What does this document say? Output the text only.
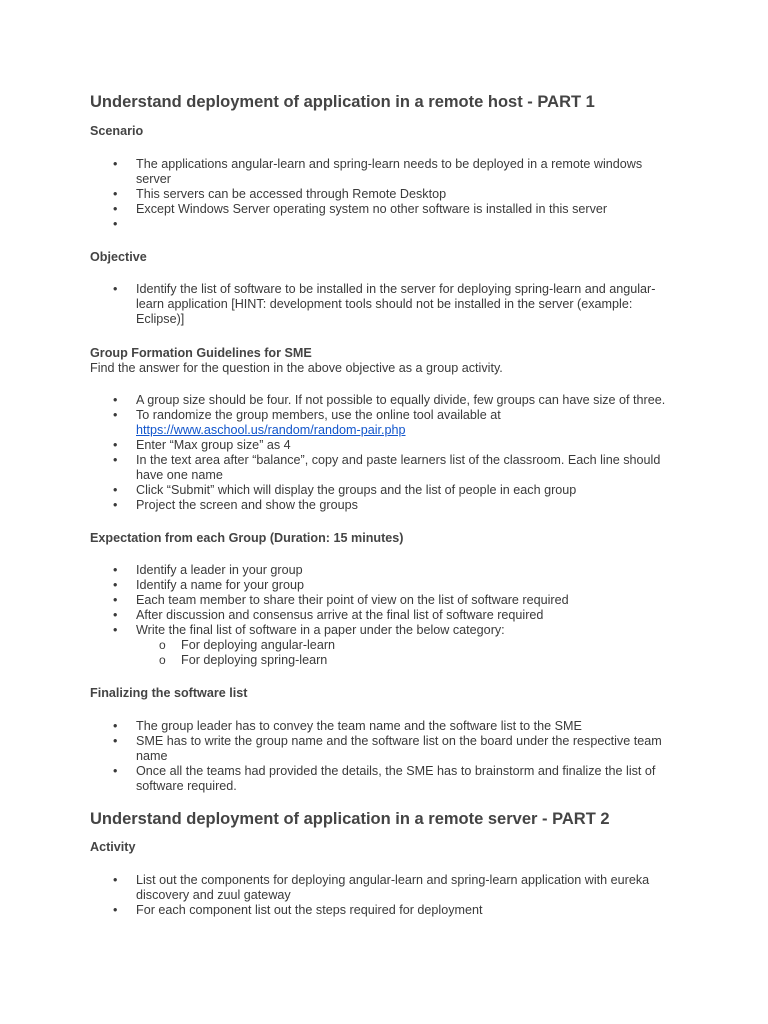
Understand deployment of application in a remote host - PART 1
Scenario
• The applications angular-learn and spring-learn needs to be deployed in a remote windows server
• This servers can be accessed through Remote Desktop
• Except Windows Server operating system no other software is installed in this server
•
Objective
• Identify the list of software to be installed in the server for deploying spring-learn and angular-learn application [HINT: development tools should not be installed in the server (example: Eclipse)]
Group Formation Guidelines for SME

Find the answer for the question in the above objective as a group activity.

• A group size should be four. If not possible to equally divide, few groups can have size of three.
• To randomize the group members, use the online tool available at
https://www.aschool.us/random/random-pair.php
• Enter “Max group size” as 4
• In the text area after “balance”, copy and paste learners list of the classroom. Each line should have one name
• Click “Submit” which will display the groups and the list of people in each group
• Project the screen and show the groups
Expectation from each Group (Duration: 15 minutes)
• Identify a leader in your group
• Identify a name for your group
• Each team member to share their point of view on the list of software required
• After discussion and consensus arrive at the final list of software required
• Write the final list of software in a paper under the below category:
o For deploying angular-learn
o For deploying spring-learn
Finalizing the software list
• The group leader has to convey the team name and the software list to the SME
• SME has to write the group name and the software list on the board under the respective team name
• Once all the teams had provided the details, the SME has to brainstorm and finalize the list of software required.
Understand deployment of application in a remote server - PART 2
Activity
• List out the components for deploying angular-learn and spring-learn application with eureka discovery and zuul gateway
• For each component list out the steps required for deployment
